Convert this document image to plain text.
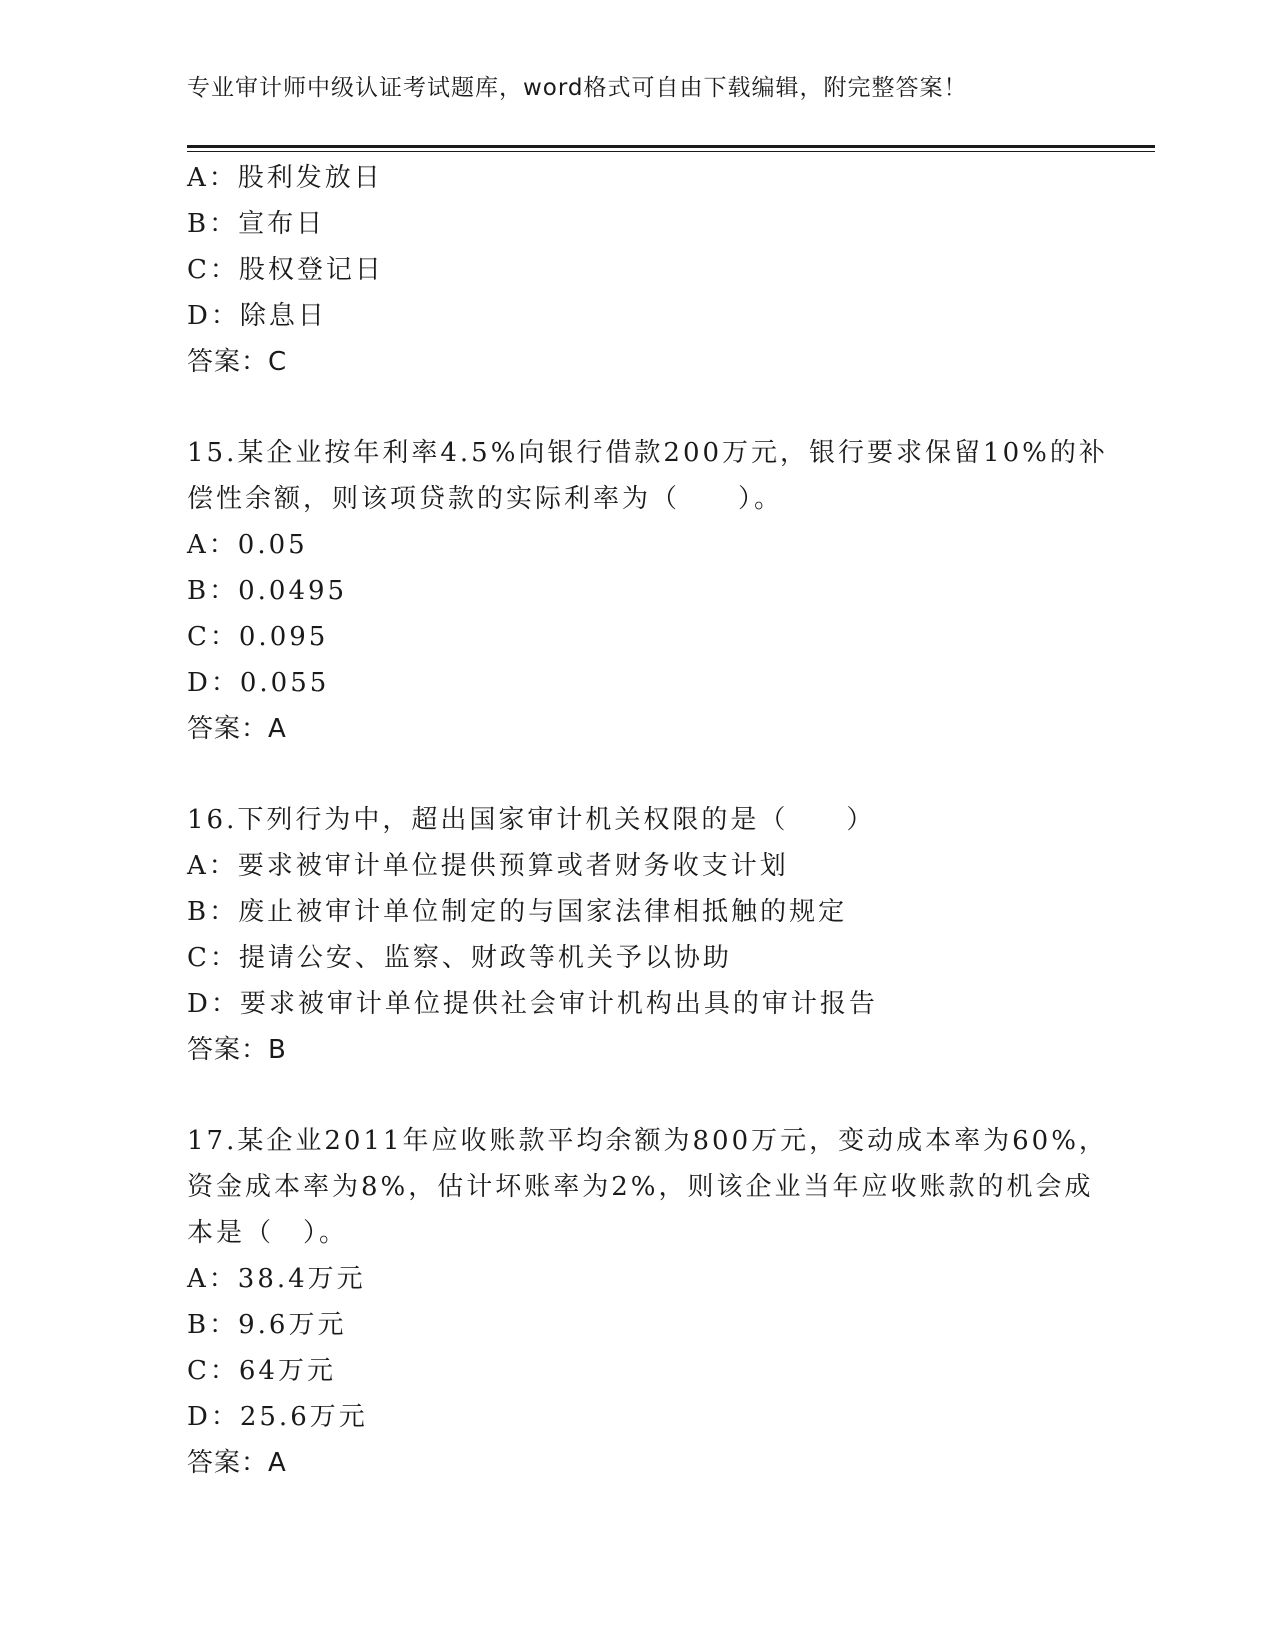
专业审计师中级认证考试题库，word格式可自由下载编辑，附完整答案！
A：股利发放日
B：宣布日
C：股权登记日
D：除息日
答案：C
15.某企业按年利率4.5%向银行借款200万元，银行要求保留10%的补
偿性余额，则该项贷款的实际利率为（　　）。
A：0.05
B：0.0495
C：0.095
D：0.055
答案：A
16.下列行为中，超出国家审计机关权限的是（　　）
A：要求被审计单位提供预算或者财务收支计划
B：废止被审计单位制定的与国家法律相抵触的规定
C：提请公安、监察、财政等机关予以协助
D：要求被审计单位提供社会审计机构出具的审计报告
答案：B
17.某企业2011年应收账款平均余额为800万元，变动成本率为60%，
资金成本率为8%，估计坏账率为2%，则该企业当年应收账款的机会成
本是（　）。
A：38.4万元
B：9.6万元
C：64万元
D：25.6万元
答案：A
